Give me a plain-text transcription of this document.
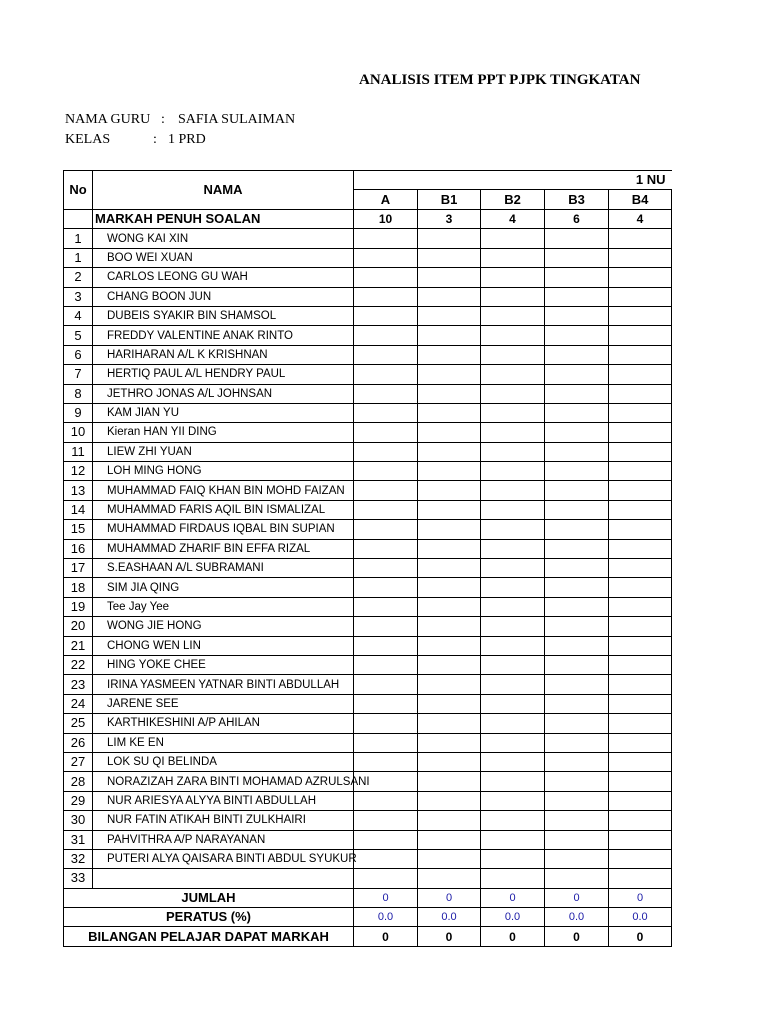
ANALISIS ITEM PPT PJPK TINGKATAN
NAMA GURU : SAFIA SULAIMAN
KELAS	: 1 PRD
No	NAMA	1 NU					
		A	B1	B2	B3	B4	
	MARKAH PENUH SOALAN	10	3	4	6	4	
1	WONG KAI XIN						
1	BOO WEI XUAN						
2	CARLOS LEONG GU WAH						
3	CHANG BOON JUN						
4	DUBEIS SYAKIR BIN SHAMSOL						
5	FREDDY VALENTINE ANAK RINTO						
6	HARIHARAN A/L K KRISHNAN						
7	HERTIQ PAUL A/L HENDRY PAUL						
8	JETHRO JONAS A/L JOHNSAN						
9	KAM JIAN YU						
10	Kieran HAN YII DING						
11	LIEW ZHI YUAN						
12	LOH MING HONG						
13	MUHAMMAD FAIQ KHAN BIN MOHD FAIZAN						
14	MUHAMMAD FARIS AQIL BIN ISMALIZAL						
15	MUHAMMAD FIRDAUS IQBAL BIN SUPIAN						
16	MUHAMMAD ZHARIF BIN EFFA RIZAL						
17	S.EASHAAN A/L SUBRAMANI						
18	SIM JIA QING						
19	Tee Jay Yee						
20	WONG JIE HONG						
21	CHONG WEN LIN						
22	HING YOKE CHEE						
23	IRINA YASMEEN YATNAR BINTI ABDULLAH						
24	JARENE SEE						
25	KARTHIKESHINI A/P AHILAN						
26	LIM KE EN						
27	LOK SU QI BELINDA						
28	NORAZIZAH ZARA BINTI MOHAMAD AZRULSANI						
29	NUR ARIESYA ALYYA BINTI ABDULLAH						
30	NUR FATIN ATIKAH BINTI ZULKHAIRI						
31	PAHVITHRA A/P NARAYANAN						
32	PUTERI ALYA QAISARA BINTI ABDUL SYUKUR						
33							
JUMLAH		0	0	0	0	0	
PERATUS (%)		0.0	0.0	0.0	0.0	0.0	
BILANGAN PELAJAR DAPAT MARKAH		0	0	0	0	0	
